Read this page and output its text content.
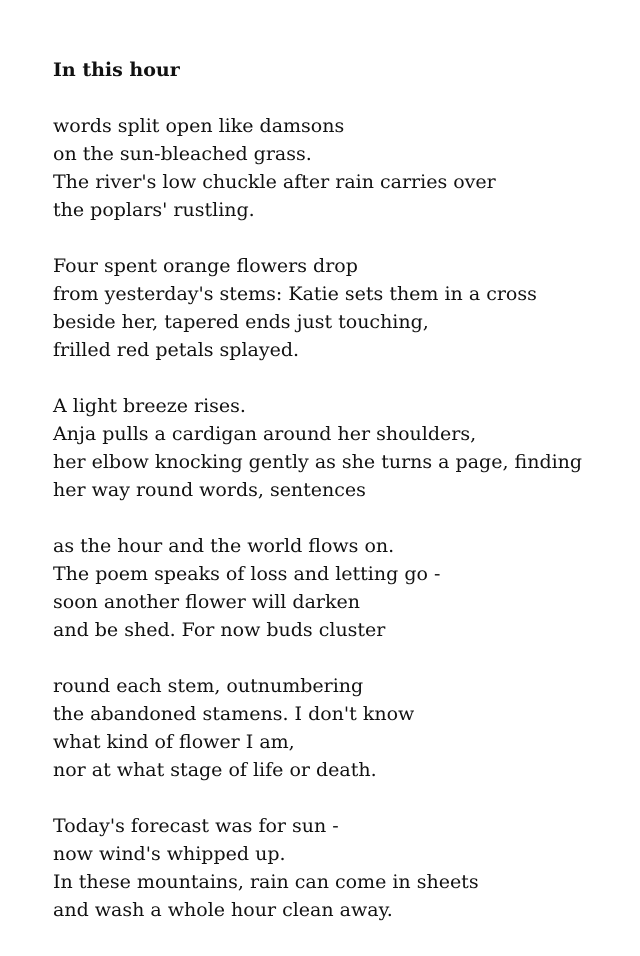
In this hour
words split open like damsons
on the sun-bleached grass.
The river's low chuckle after rain carries over
the poplars' rustling.
Four spent orange flowers drop
from yesterday's stems: Katie sets them in a cross
beside her, tapered ends just touching,
frilled red petals splayed.
A light breeze rises.
Anja pulls a cardigan around her shoulders,
her elbow knocking gently as she turns a page, finding
her way round words, sentences
as the hour and the world flows on.
The poem speaks of loss and letting go -
soon another flower will darken
and be shed. For now buds cluster
round each stem, outnumbering
the abandoned stamens. I don't know
what kind of flower I am,
nor at what stage of life or death.
Today's forecast was for sun -
now wind's whipped up.
In these mountains, rain can come in sheets
and wash a whole hour clean away.
